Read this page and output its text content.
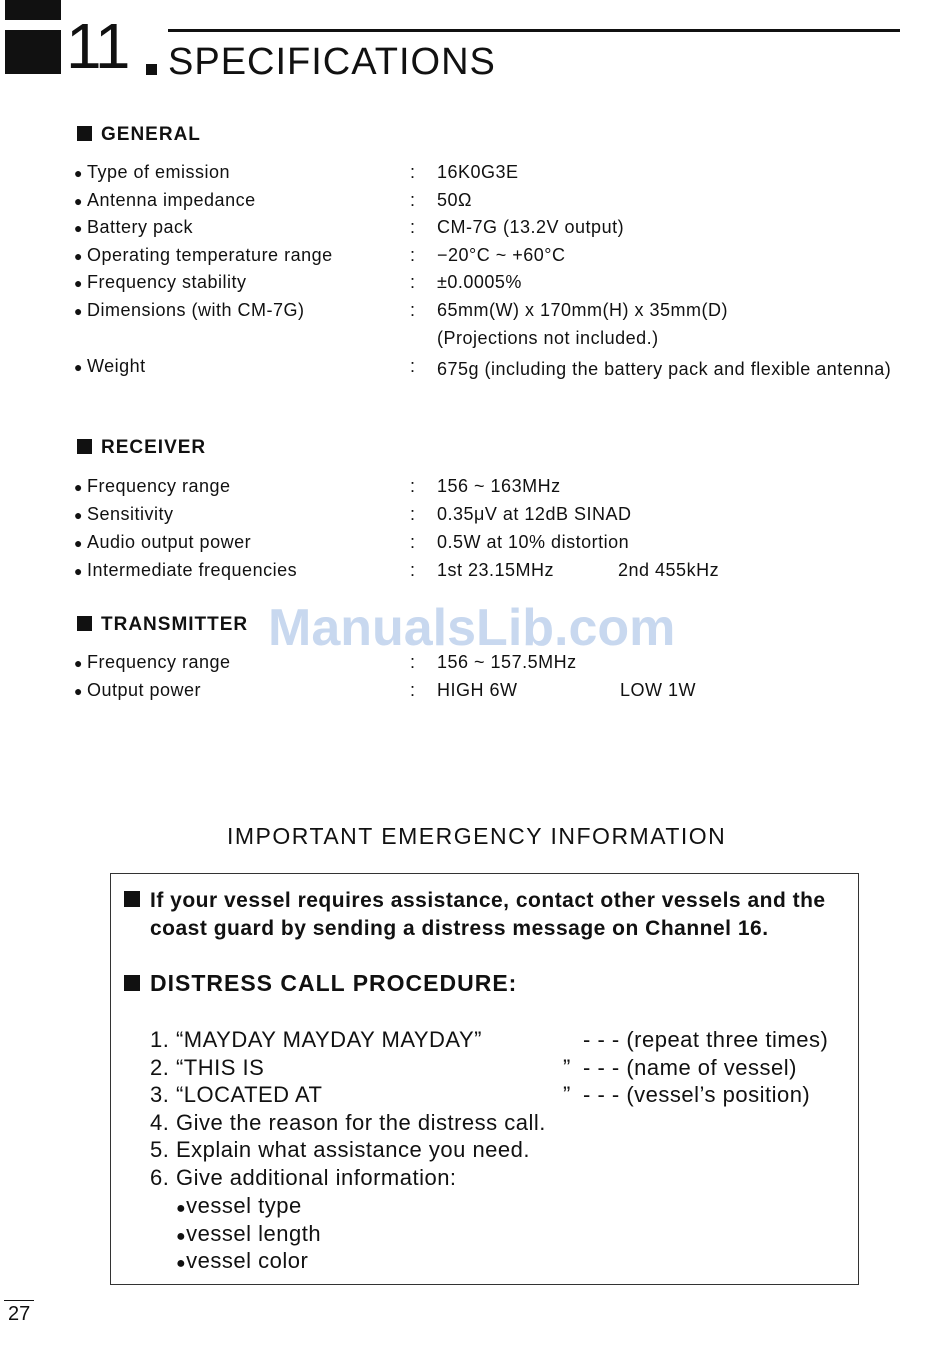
11 SPECIFICATIONS
GENERAL
● Type of emission	: 16K0G3E
● Antenna impedance	: 50Ω
● Battery pack	: CM-7G (13.2V output)
● Operating temperature range	: −20°C ~ +60°C
● Frequency stability	: ±0.0005%
● Dimensions (with CM-7G)	: 65mm(W) x 170mm(H) x 35mm(D)
(Projections not included.)
● Weight	: 675g (including the battery pack and flexible antenna)
RECEIVER
● Frequency range	: 156 ~ 163MHz
● Sensitivity	: 0.35μV at 12dB SINAD
● Audio output power	: 0.5W at 10% distortion
● Intermediate frequencies	: 1st 23.15MHz	2nd 455kHz
ManualsLib.com
TRANSMITTER
● Frequency range	: 156 ~ 157.5MHz
● Output power	: HIGH 6W	LOW 1W
IMPORTANT EMERGENCY INFORMATION
If your vessel requires assistance, contact other vessels and the
coast guard by sending a distress message on Channel 16.
DISTRESS CALL PROCEDURE:
1. “MAYDAY MAYDAY MAYDAY”	- - - (repeat three times)
2. “THIS IS	” - - - (name of vessel)
3. “LOCATED AT	” - - - (vessel’s position)
4. Give the reason for the distress call.
5. Explain what assistance you need.
6. Give additional information:
●vessel type
●vessel length
●vessel color
27
